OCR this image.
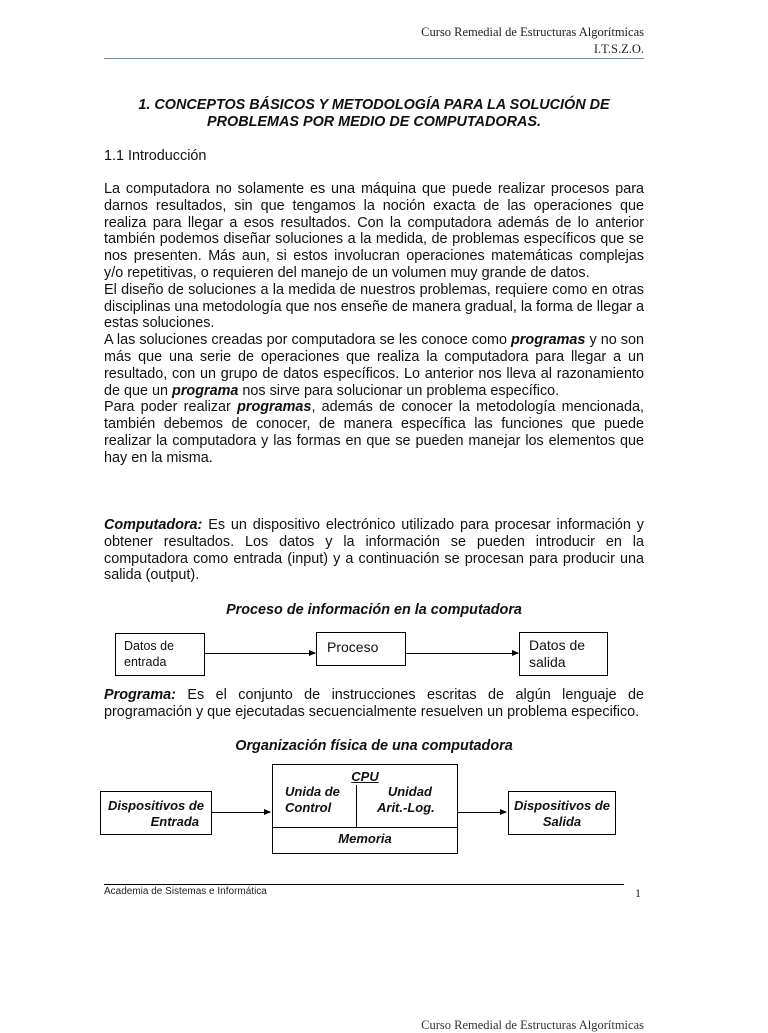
Curso Remedial de Estructuras Algorítmicas
I.T.S.Z.O.
1. CONCEPTOS BÁSICOS Y METODOLOGÍA PARA LA SOLUCIÓN DE
PROBLEMAS POR MEDIO DE COMPUTADORAS.
1.1 Introducción

La computadora no solamente es una máquina que puede realizar procesos para darnos resultados, sin que tengamos la noción exacta de las operaciones que realiza para llegar a esos resultados. Con la computadora además de lo anterior también podemos diseñar soluciones a la medida, de problemas específicos que se nos presenten. Más aun, si estos involucran operaciones matemáticas complejas y/o repetitivas, o requieren del manejo de un volumen muy grande de datos.

El diseño de soluciones a la medida de nuestros problemas, requiere como en otras disciplinas una metodología que nos enseñe de manera gradual, la forma de llegar a estas soluciones.

A las soluciones creadas por computadora se les conoce como programas y no son más que una serie de operaciones que realiza la computadora para llegar a un resultado, con un grupo de datos específicos. Lo anterior nos lleva al razonamiento de que un programa nos sirve para solucionar un problema específico.

Para poder realizar programas, además de conocer la metodología mencionada, también debemos de conocer, de manera específica las funciones que puede realizar la computadora y las formas en que se pueden manejar los elementos que hay en la misma.

Computadora: Es un dispositivo electrónico utilizado para procesar información y obtener resultados. Los datos y la información se pueden introducir en la computadora como entrada (input) y a continuación se procesan para producir una salida (output).

Proceso de información en la computadora
Datos de
entrada
Proceso	Datos de
salida

Programa: Es el conjunto de instrucciones escritas de algún lenguaje de programación y que ejecutadas secuencialmente resuelven un problema especifico.

Organización física de una computadora
Dispositivos de
Entrada
CPU
Unida de
Control
Unidad
Arit.-Log.
Memoria
Dispositivos de
Salida
Academia de Sistemas e Informática	1
Curso Remedial de Estructuras Algorítmicas
